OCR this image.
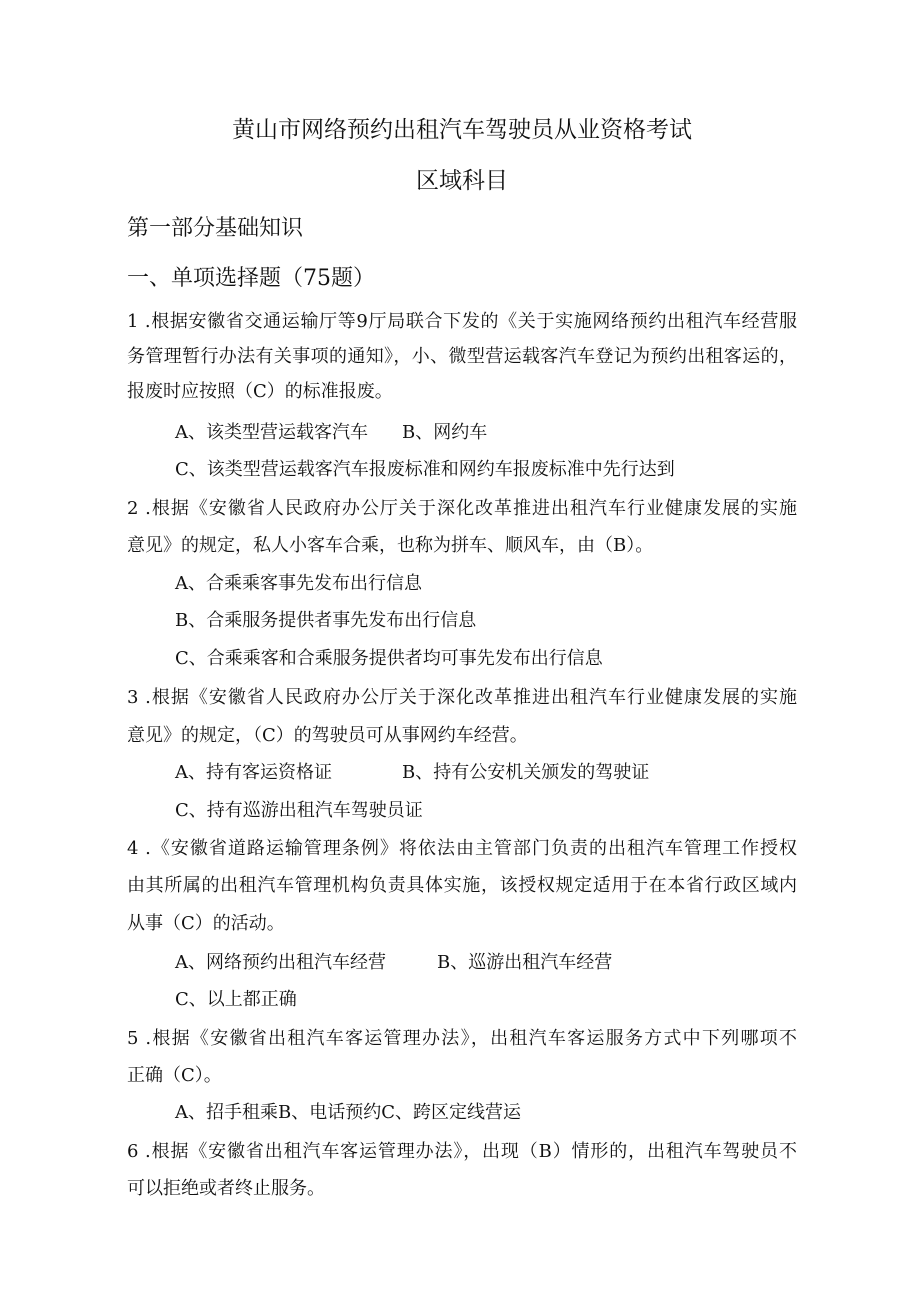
黄山市网络预约出租汽车驾驶员从业资格考试
区域科目
第一部分基础知识
一、单项选择题（75题）
1 .根据安徽省交通运输厅等9厅局联合下发的《关于实施网络预约出租汽车经营服
务管理暂行办法有关事项的通知》，小、微型营运载客汽车登记为预约出租客运的，
报废时应按照（C）的标准报废。
A、该类型营运载客汽车 B、网约车
C、该类型营运载客汽车报废标准和网约车报废标准中先行达到
2 .根据《安徽省人民政府办公厅关于深化改革推进出租汽车行业健康发展的实施
意见》的规定，私人小客车合乘，也称为拼车、顺风车，由（B）。
A、合乘乘客事先发布出行信息
B、合乘服务提供者事先发布出行信息
C、合乘乘客和合乘服务提供者均可事先发布出行信息
3 .根据《安徽省人民政府办公厅关于深化改革推进出租汽车行业健康发展的实施
意见》的规定，（C）的驾驶员可从事网约车经营。
A、持有客运资格证	B、持有公安机关颁发的驾驶证
C、持有巡游出租汽车驾驶员证
4 .《安徽省道路运输管理条例》将依法由主管部门负责的出租汽车管理工作授权
由其所属的出租汽车管理机构负责具体实施，该授权规定适用于在本省行政区域内
从事（C）的活动。
A、网络预约出租汽车经营	B、巡游出租汽车经营
C、以上都正确
5 .根据《安徽省出租汽车客运管理办法》，出租汽车客运服务方式中下列哪项不
正确（C）。
A、招手租乘B、电话预约C、跨区定线营运
6 .根据《安徽省出租汽车客运管理办法》，出现（B）情形的，出租汽车驾驶员不
可以拒绝或者终止服务。
